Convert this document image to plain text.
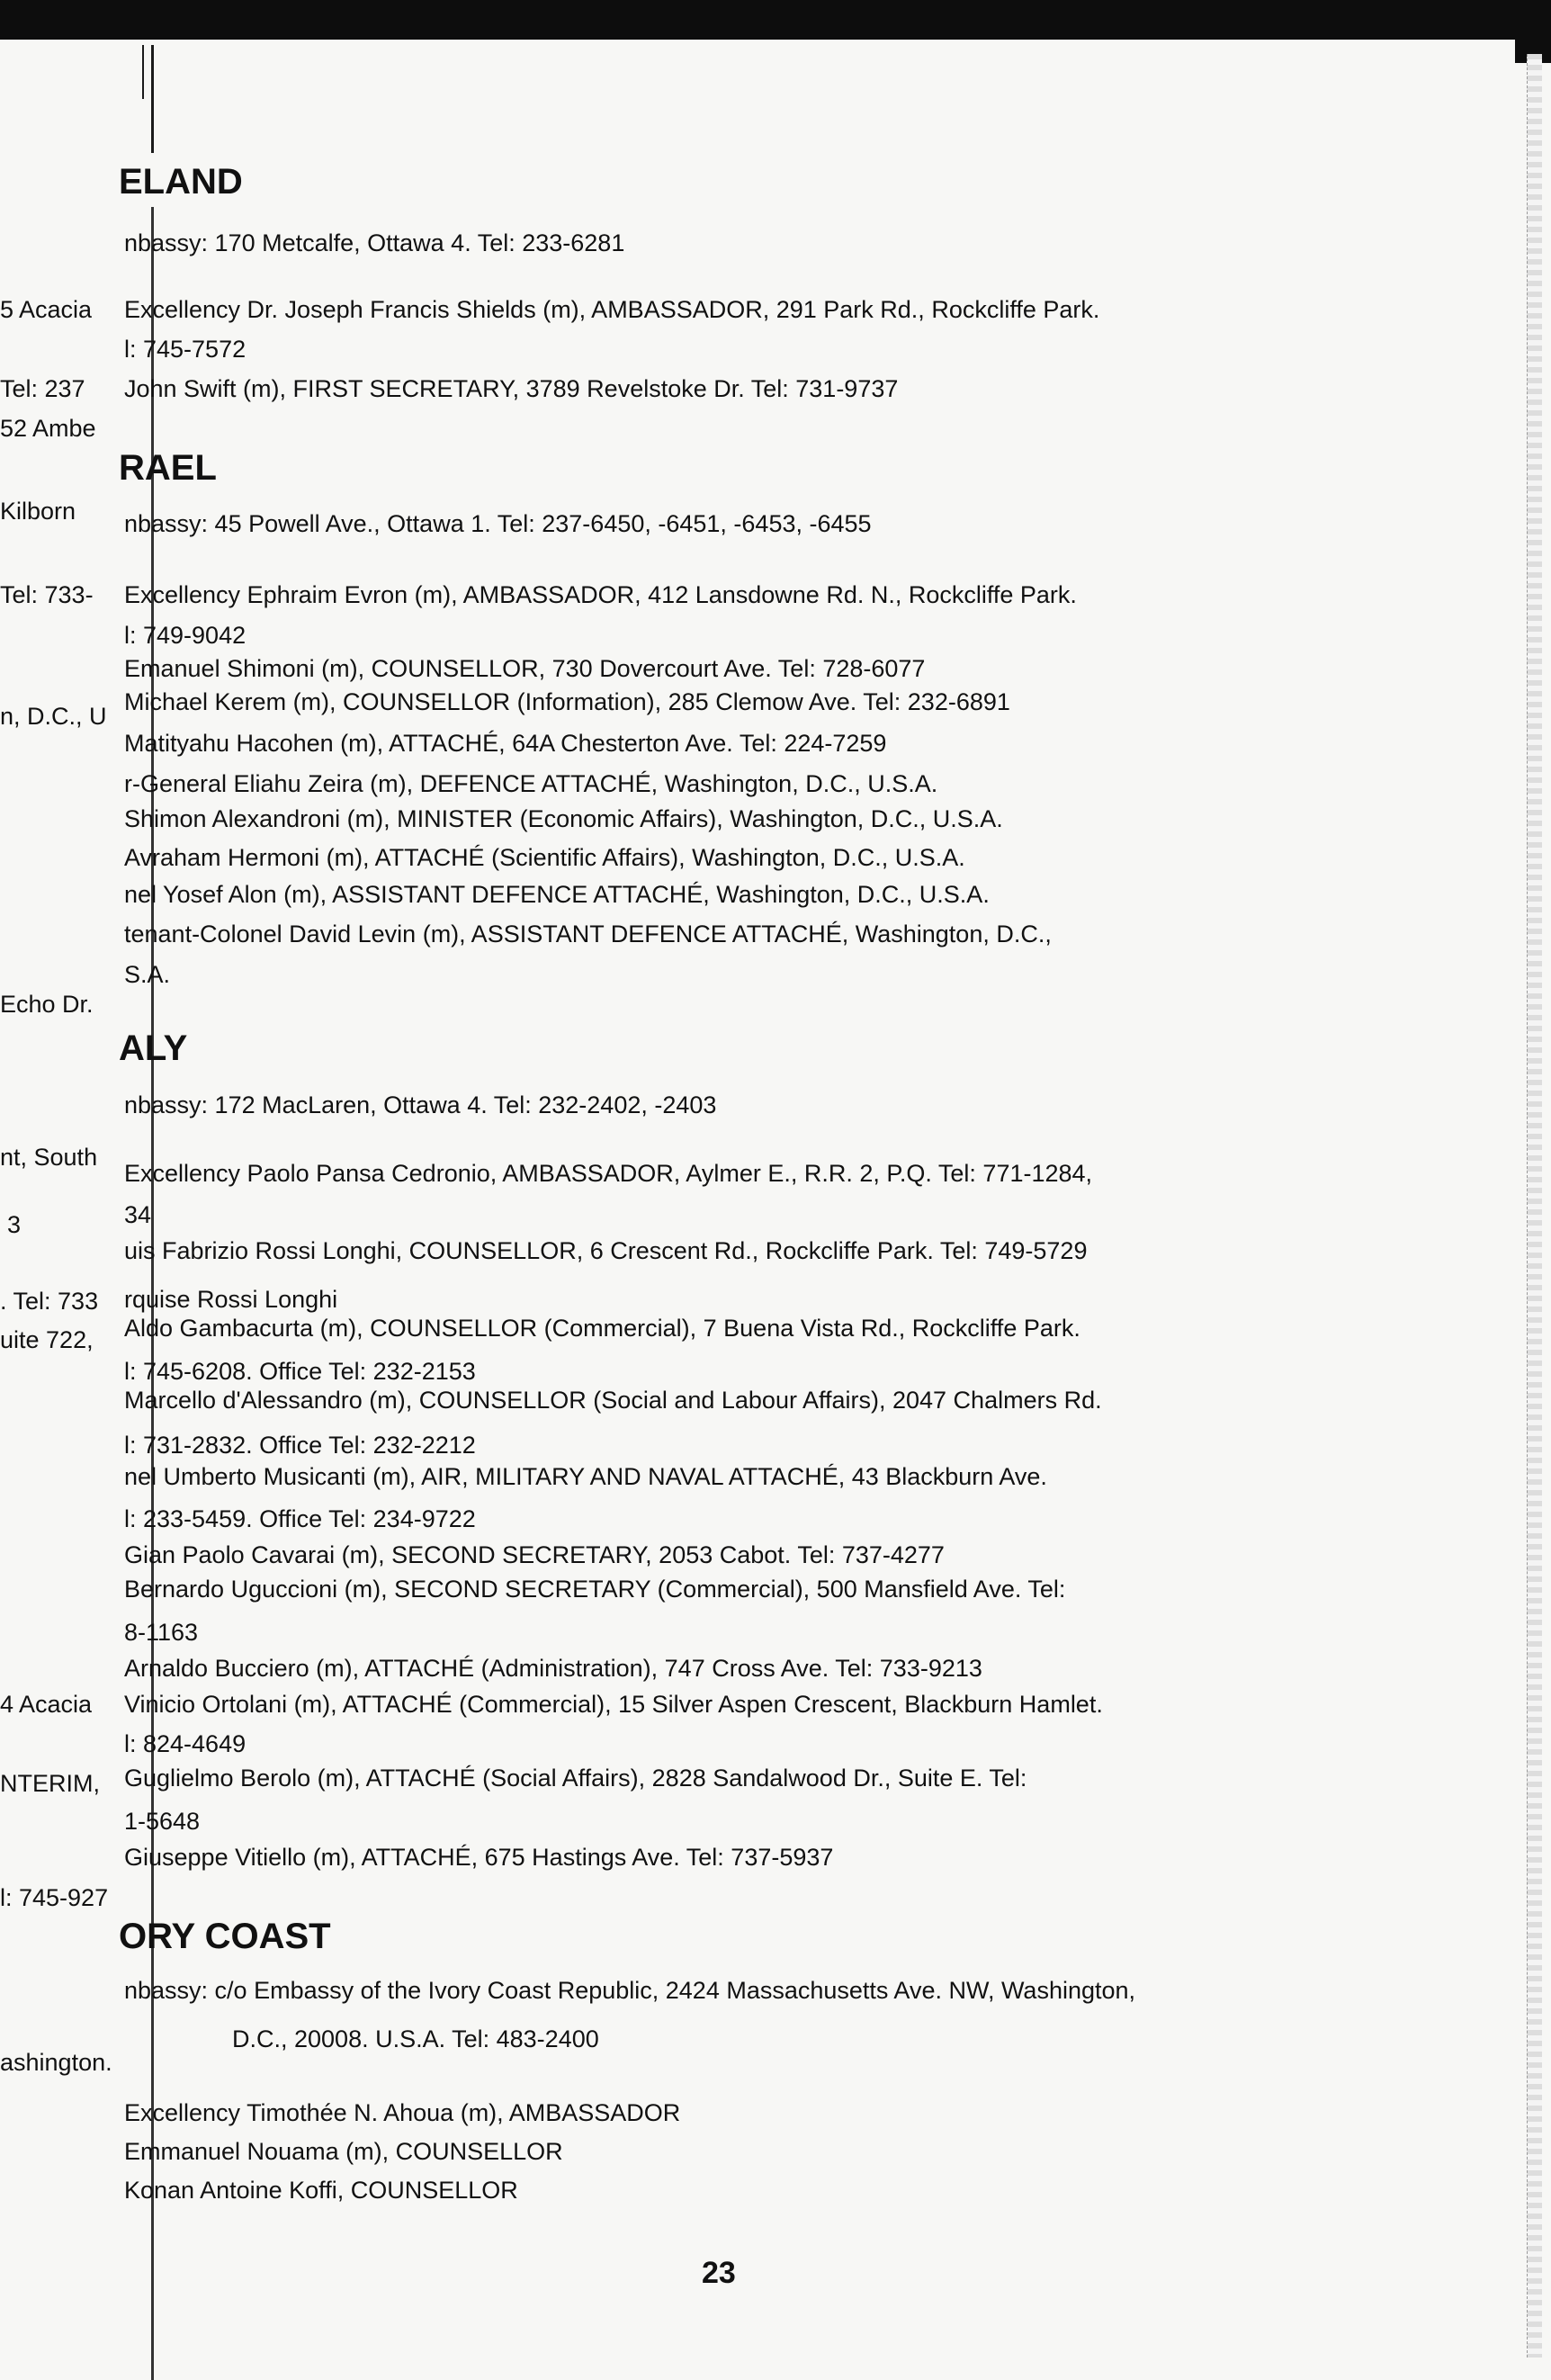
5 Acacia
Tel: 237
52 Ambe
Kilborn
Tel: 733-
n, D.C., U
Echo Dr.
nt, South
3
. Tel: 733
uite 722,
4 Acacia
NTERIM,
l: 745-927
ashington.
ELAND
nbassy: 170 Metcalfe, Ottawa 4. Tel: 233-6281
Excellency Dr. Joseph Francis Shields (m), AMBASSADOR, 291 Park Rd., Rockcliffe Park.
l: 745-7572
John Swift (m), FIRST SECRETARY, 3789 Revelstoke Dr. Tel: 731-9737
RAEL
nbassy: 45 Powell Ave., Ottawa 1. Tel: 237-6450, -6451, -6453, -6455
Excellency Ephraim Evron (m), AMBASSADOR, 412 Lansdowne Rd. N., Rockcliffe Park.
l: 749-9042
Emanuel Shimoni (m), COUNSELLOR, 730 Dovercourt Ave. Tel: 728-6077
Michael Kerem (m), COUNSELLOR (Information), 285 Clemow Ave. Tel: 232-6891
Matityahu Hacohen (m), ATTACHÉ, 64A Chesterton Ave. Tel: 224-7259
r-General Eliahu Zeira (m), DEFENCE ATTACHÉ, Washington, D.C., U.S.A.
Shimon Alexandroni (m), MINISTER (Economic Affairs), Washington, D.C., U.S.A.
Avraham Hermoni (m), ATTACHÉ (Scientific Affairs), Washington, D.C., U.S.A.
nel Yosef Alon (m), ASSISTANT DEFENCE ATTACHÉ, Washington, D.C., U.S.A.
tenant-Colonel David Levin (m), ASSISTANT DEFENCE ATTACHÉ, Washington, D.C.,
S.A.
ALY
nbassy: 172 MacLaren, Ottawa 4. Tel: 232-2402, -2403
Excellency Paolo Pansa Cedronio, AMBASSADOR, Aylmer E., R.R. 2, P.Q. Tel: 771-1284,
34
uis Fabrizio Rossi Longhi, COUNSELLOR, 6 Crescent Rd., Rockcliffe Park. Tel: 749-5729
rquise Rossi Longhi
Aldo Gambacurta (m), COUNSELLOR (Commercial), 7 Buena Vista Rd., Rockcliffe Park.
l: 745-6208. Office Tel: 232-2153
Marcello d'Alessandro (m), COUNSELLOR (Social and Labour Affairs), 2047 Chalmers Rd.
l: 731-2832. Office Tel: 232-2212
nel Umberto Musicanti (m), AIR, MILITARY AND NAVAL ATTACHÉ, 43 Blackburn Ave.
l: 233-5459. Office Tel: 234-9722
Gian Paolo Cavarai (m), SECOND SECRETARY, 2053 Cabot. Tel: 737-4277
Bernardo Uguccioni (m), SECOND SECRETARY (Commercial), 500 Mansfield Ave. Tel:
8-1163
Arnaldo Bucciero (m), ATTACHÉ (Administration), 747 Cross Ave. Tel: 733-9213
Vinicio Ortolani (m), ATTACHÉ (Commercial), 15 Silver Aspen Crescent, Blackburn Hamlet.
l: 824-4649
Guglielmo Berolo (m), ATTACHÉ (Social Affairs), 2828 Sandalwood Dr., Suite E. Tel:
1-5648
Giuseppe Vitiello (m), ATTACHÉ, 675 Hastings Ave. Tel: 737-5937
ORY COAST
nbassy: c/o Embassy of the Ivory Coast Republic, 2424 Massachusetts Ave. NW, Washington,
D.C., 20008. U.S.A. Tel: 483-2400
Excellency Timothée N. Ahoua (m), AMBASSADOR
Emmanuel Nouama (m), COUNSELLOR
Konan Antoine Koffi, COUNSELLOR
23
